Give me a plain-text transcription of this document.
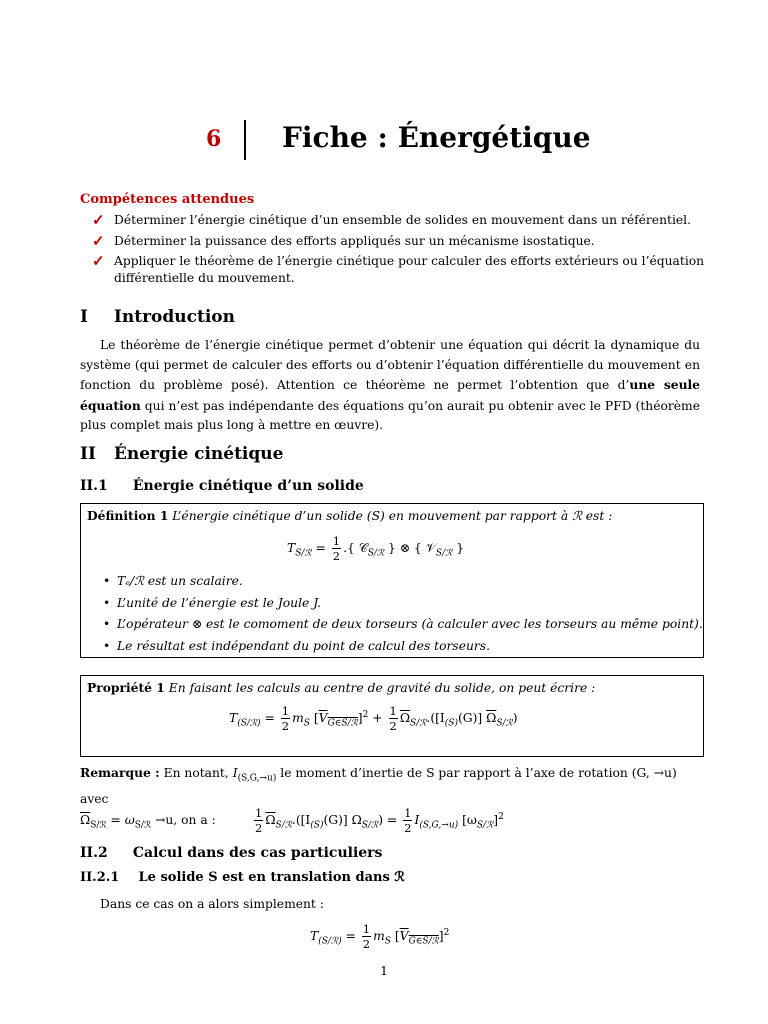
6 Fiche : Énergétique
Compétences attendues
✓ Déterminer l’énergie cinétique d’un ensemble de solides en mouvement dans un référentiel.
✓ Déterminer la puissance des efforts appliqués sur un mécanisme isostatique.
✓ Appliquer le théorème de l’énergie cinétique pour calculer des efforts extérieurs ou l’équation différentielle du mouvement.
I Introduction
Le théorème de l’énergie cinétique permet d’obtenir une équation qui décrit la dynamique du système (qui permet de calculer des efforts ou d’obtenir l’équation différentielle du mouvement en fonction du problème posé). Attention ce théorème ne permet l’obtention que d’une seule équation qui n’est pas indépendante des équations qu’on aurait pu obtenir avec le PFD (théorème plus complet mais plus long à mettre en œuvre).
II Énergie cinétique
II.1 Énergie cinétique d’un solide
Définition 1 L’énergie cinétique d’un solide (S) en mouvement par rapport à ℛ est :
$T_{S/ℛ} = \frac{1}{2}$ .{ 𝒞$_{S/ℛ}$ } ⊗ { 𝒱$_{S/ℛ}$ }
• Tₑ/ℛ est un scalaire.
• L’unité de l’énergie est le Joule J.
• L’opérateur ⊗ est le comoment de deux torseurs (à calculer avec les torseurs au même point).
• Le résultat est indépendant du point de calcul des torseurs.
Propriété 1 En faisant les calculs au centre de gravité du solide, on peut écrire :
$T_{(S/ℛ)} = \frac{1}{2} m_S$ $[\overline{V}_{G\in S/ℛ}]^2 + \frac{1}{2} \overline{\Omega}_{S/ℛ}.([I_{(S)}(G)]$ $\overline{\Omega}_{S/ℛ}$)
Remarque : En notant, $I_{(S,G,\to u)}$ le moment d’inertie de S par rapport à l’axe de rotation (G, →u) avec
$\overline{\Omega}_{S/ℛ} = \omega_{S/ℛ} \to u$, on a :	$\frac{1}{2} \overline{\Omega}_{S/ℛ}.([I_{(S)}(G)] \Omega_{S/ℛ}) = \frac{1}{2} I_{(S,G,\to u)}$ $[\omega_{S/ℛ}]^2$
II.2 Calcul dans des cas particuliers
II.2.1 Le solide S est en translation dans ℛ
Dans ce cas on a alors simplement :
$T_{(S/ℛ)} = \frac{1}{2} m_S$ $[\overline{V}_{G\in S/ℛ}]^2$
1
